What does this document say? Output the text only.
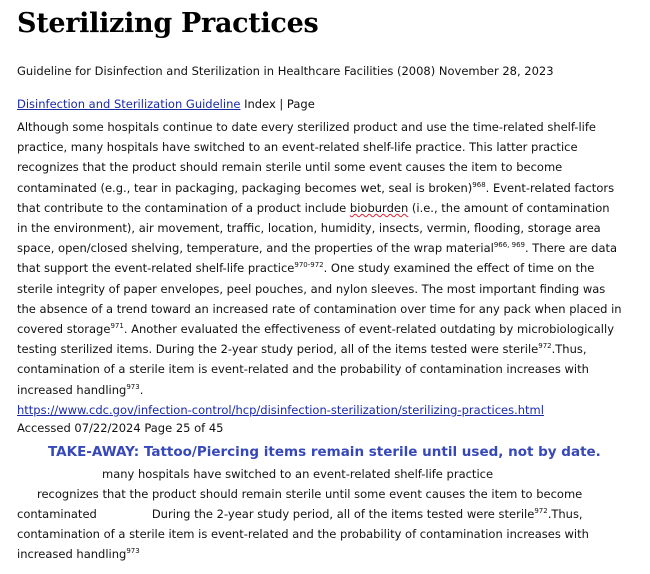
Sterilizing Practices
Guideline for Disinfection and Sterilization in Healthcare Facilities (2008) November 28, 2023
Disinfection and Sterilization Guideline Index | Page
Although some hospitals continue to date every sterilized product and use the time-related shelf-life
practice, many hospitals have switched to an event-related shelf-life practice. This latter practice
recognizes that the product should remain sterile until some event causes the item to become
contaminated (e.g., tear in packaging, packaging becomes wet, seal is broken)$^{968}$. Event-related factors
that contribute to the contamination of a product include bioburden (i.e., the amount of contamination
in the environment), air movement, traffic, location, humidity, insects, vermin, flooding, storage area
space, open/closed shelving, temperature, and the properties of the wrap material$^{966, 969}$. There are data
that support the event-related shelf-life practice$^{970-972}$. One study examined the effect of time on the
sterile integrity of paper envelopes, peel pouches, and nylon sleeves. The most important finding was
the absence of a trend toward an increased rate of contamination over time for any pack when placed in
covered storage$^{971}$. Another evaluated the effectiveness of event-related outdating by microbiologically
testing sterilized items. During the 2-year study period, all of the items tested were sterile$^{972}$.Thus,
contamination of a sterile item is event-related and the probability of contamination increases with
increased handling$^{973}$.
https://www.cdc.gov/infection-control/hcp/disinfection-sterilization/sterilizing-practices.html
Accessed 07/22/2024 Page 25 of 45
TAKE-AWAY: Tattoo/Piercing items remain sterile until used, not by date.
many hospitals have switched to an event-related shelf-life practice
recognizes that the product should remain sterile until some event causes the item to become
contaminated	During the 2-year study period, all of the items tested were sterile$^{972}$.Thus,
contamination of a sterile item is event-related and the probability of contamination increases with
increased handling$^{973}$
